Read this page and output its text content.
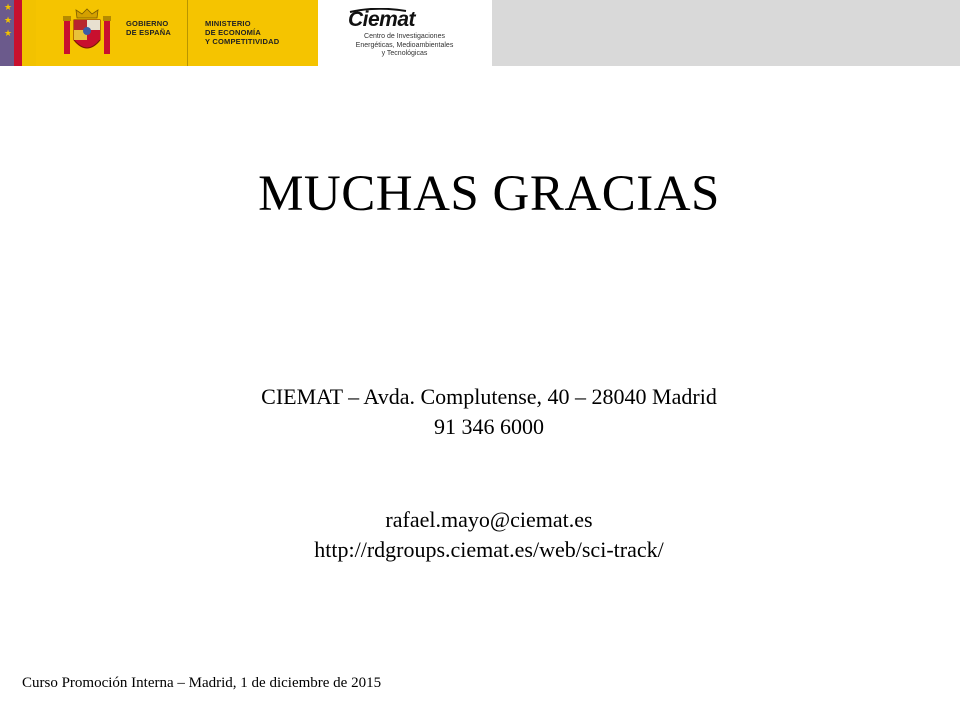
★
★
★
GOBIERNO
DE ESPAÑA
MINISTERIO
DE ECONOMÍA
Y COMPETITIVIDAD
Ciemat
Centro de Investigaciones
Energéticas, Medioambientales
y Tecnológicas
MUCHAS GRACIAS
CIEMAT – Avda. Complutense, 40 – 28040 Madrid
91 346 6000
rafael.mayo@ciemat.es
http://rdgroups.ciemat.es/web/sci-track/
Curso Promoción Interna – Madrid, 1 de diciembre de 2015
